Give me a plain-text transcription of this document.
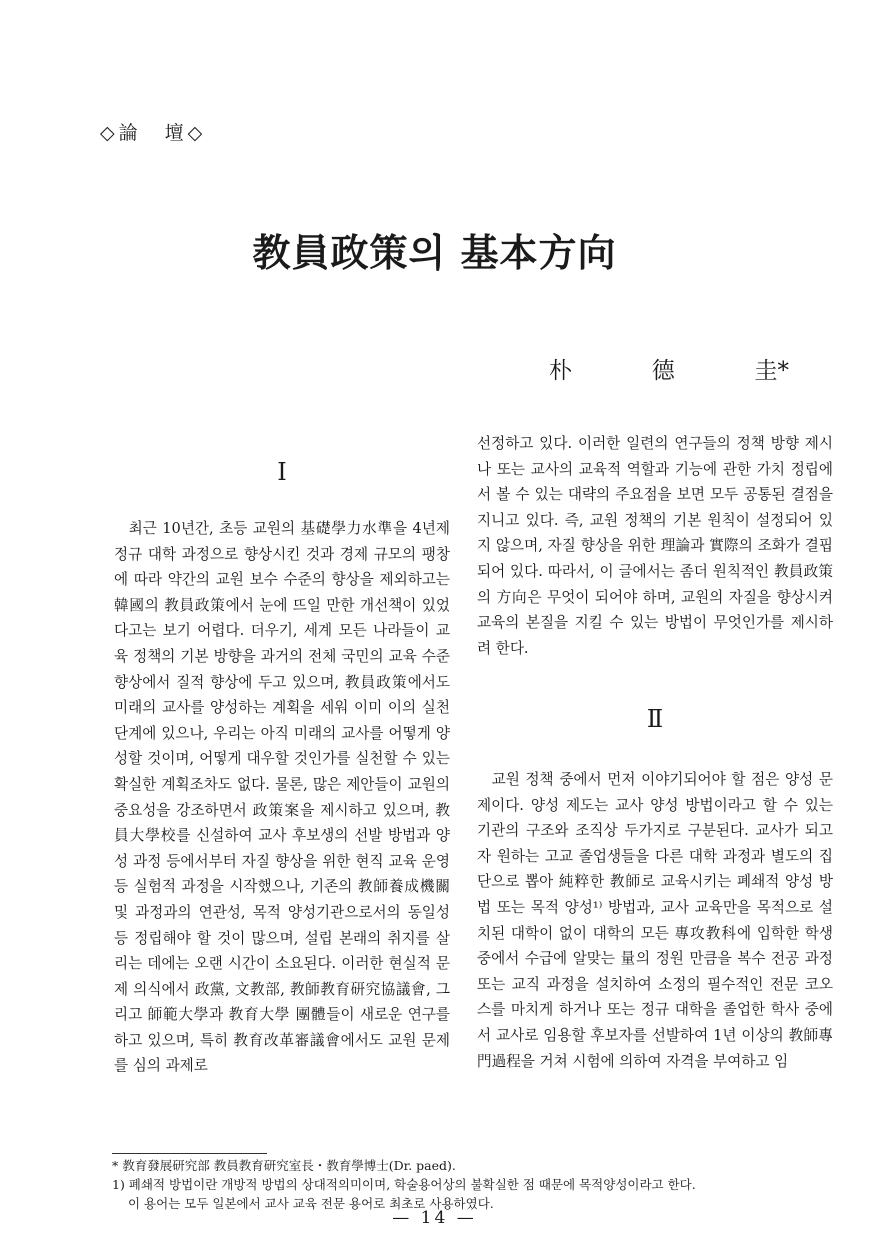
◇論　壇◇
教員政策의 基本方向
朴	德	圭*
Ⅰ

최근 10년간, 초등 교원의 基礎學力水準을 4년제 정규 대학 과정으로 향상시킨 것과 경제 규모의 팽창에 따라 약간의 교원 보수 수준의 향상을 제외하고는 韓國의 教員政策에서 눈에 뜨일 만한 개선책이 있었다고는 보기 어렵다. 더우기, 세계 모든 나라들이 교육 정책의 기본 방향을 과거의 전체 국민의 교육 수준 향상에서 질적 향상에 두고 있으며, 教員政策에서도 미래의 교사를 양성하는 계획을 세워 이미 이의 실천 단계에 있으나, 우리는 아직 미래의 교사를 어떻게 양성할 것이며, 어떻게 대우할 것인가를 실천할 수 있는 확실한 계획조차도 없다. 물론, 많은 제안들이 교원의 중요성을 강조하면서 政策案을 제시하고 있으며, 教員大學校를 신설하여 교사 후보생의 선발 방법과 양성 과정 등에서부터 자질 향상을 위한 현직 교육 운영 등 실험적 과정을 시작했으나, 기존의 教師養成機關 및 과정과의 연관성, 목적 양성기관으로서의 동일성 등 정립해야 할 것이 많으며, 설립 본래의 취지를 살리는 데에는 오랜 시간이 소요된다. 이러한 현실적 문제 의식에서 政黨, 文教部, 教師教育研究協議會, 그리고 師範大學과 教育大學 團體들이 새로운 연구를 하고 있으며, 특히 教育改革審議會에서도 교원 문제를 심의 과제로

선정하고 있다. 이러한 일련의 연구들의 정책 방향 제시나 또는 교사의 교육적 역할과 기능에 관한 가치 정립에서 볼 수 있는 대략의 주요점을 보면 모두 공통된 결점을 지니고 있다. 즉, 교원 정책의 기본 원칙이 설정되어 있지 않으며, 자질 향상을 위한 理論과 實際의 조화가 결핍되어 있다. 따라서, 이 글에서는 좀더 원칙적인 教員政策의 方向은 무엇이 되어야 하며, 교원의 자질을 향상시켜 교육의 본질을 지킬 수 있는 방법이 무엇인가를 제시하려 한다.

Ⅱ

교원 정책 중에서 먼저 이야기되어야 할 점은 양성 문제이다. 양성 제도는 교사 양성 방법이라고 할 수 있는 기관의 구조와 조직상 두가지로 구분된다. 교사가 되고자 원하는 고교 졸업생들을 다른 대학 과정과 별도의 집단으로 뽑아 純粹한 教師로 교육시키는 폐쇄적 양성 방법 또는 목적 양성¹⁾ 방법과, 교사 교육만을 목적으로 설치된 대학이 없이 대학의 모든 專攻教科에 입학한 학생 중에서 수급에 알맞는 量의 정원 만큼을 복수 전공 과정 또는 교직 과정을 설치하여 소정의 필수적인 전문 코오스를 마치게 하거나 또는 정규 대학을 졸업한 학사 중에서 교사로 임용할 후보자를 선발하여 1년 이상의 教師專門過程을 거쳐 시험에 의하여 자격을 부여하고 임

* 教育發展研究部 教員教育研究室長・教育學博士(Dr. paed).

1) 폐쇄적 방법이란 개방적 방법의 상대적의미이며, 학술용어상의 불확실한 점 때문에 목적양성이라고 한다.

이 용어는 모두 일본에서 교사 교육 전문 용어로 최초로 사용하였다.

— 14 —
